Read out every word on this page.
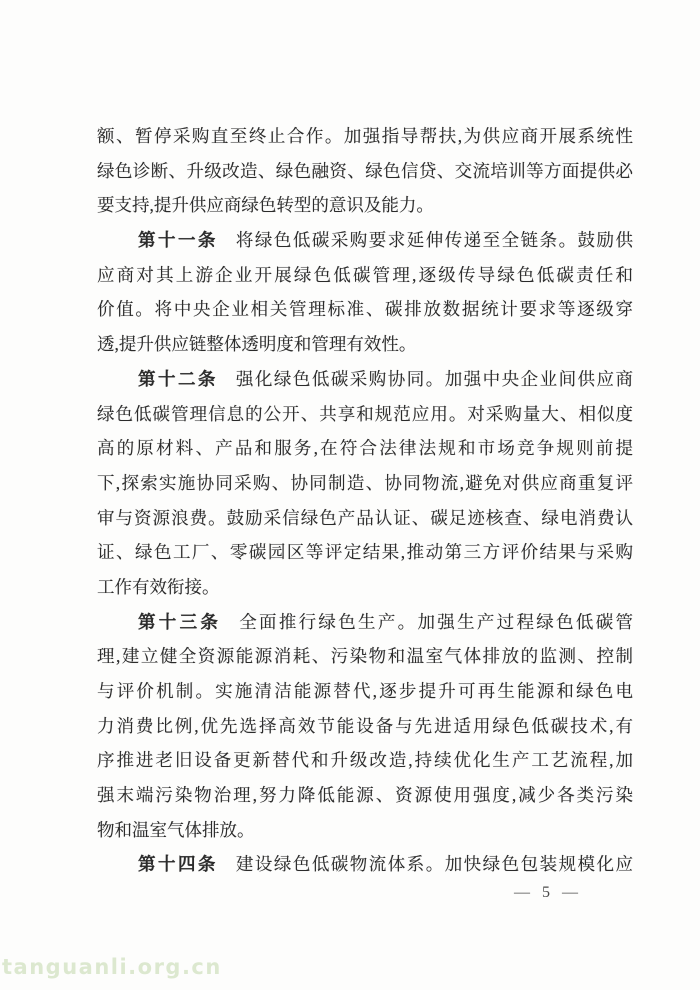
额、暂停采购直至终止合作。加强指导帮扶,为供应商开展系统性
绿色诊断、升级改造、绿色融资、绿色信贷、交流培训等方面提供必
要支持,提升供应商绿色转型的意识及能力。
第十一条 将绿色低碳采购要求延伸传递至全链条。鼓励供
应商对其上游企业开展绿色低碳管理,逐级传导绿色低碳责任和
价值。将中央企业相关管理标准、碳排放数据统计要求等逐级穿
透,提升供应链整体透明度和管理有效性。
第十二条 强化绿色低碳采购协同。加强中央企业间供应商
绿色低碳管理信息的公开、共享和规范应用。对采购量大、相似度
高的原材料、产品和服务,在符合法律法规和市场竞争规则前提
下,探索实施协同采购、协同制造、协同物流,避免对供应商重复评
审与资源浪费。鼓励采信绿色产品认证、碳足迹核查、绿电消费认
证、绿色工厂、零碳园区等评定结果,推动第三方评价结果与采购
工作有效衔接。
第十三条 全面推行绿色生产。加强生产过程绿色低碳管
理,建立健全资源能源消耗、污染物和温室气体排放的监测、控制
与评价机制。实施清洁能源替代,逐步提升可再生能源和绿色电
力消费比例,优先选择高效节能设备与先进适用绿色低碳技术,有
序推进老旧设备更新替代和升级改造,持续优化生产工艺流程,加
强末端污染物治理,努力降低能源、资源使用强度,减少各类污染
物和温室气体排放。
第十四条 建设绿色低碳物流体系。加快绿色包装规模化应
— 5 —
tanguanli.org.cn
